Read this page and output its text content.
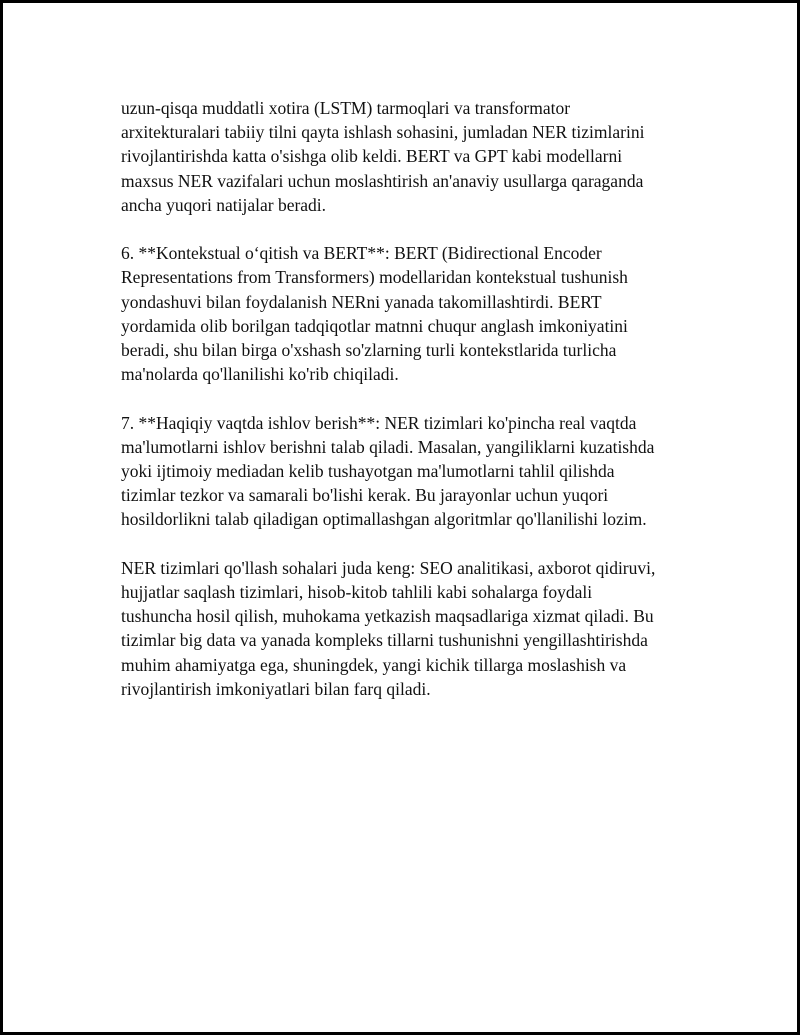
uzun-qisqa muddatli xotira (LSTM) tarmoqlari va transformator
arxitekturalari tabiiy tilni qayta ishlash sohasini, jumladan NER tizimlarini
rivojlantirishda katta o'sishga olib keldi. BERT va GPT kabi modellarni
maxsus NER vazifalari uchun moslashtirish an'anaviy usullarga qaraganda
ancha yuqori natijalar beradi.

6. **Kontekstual o‘qitish va BERT**: BERT (Bidirectional Encoder
Representations from Transformers) modellaridan kontekstual tushunish
yondashuvi bilan foydalanish NERni yanada takomillashtirdi. BERT
yordamida olib borilgan tadqiqotlar matnni chuqur anglash imkoniyatini
beradi, shu bilan birga o'xshash so'zlarning turli kontekstlarida turlicha
ma'nolarda qo'llanilishi ko'rib chiqiladi.

7. **Haqiqiy vaqtda ishlov berish**: NER tizimlari ko'pincha real vaqtda
ma'lumotlarni ishlov berishni talab qiladi. Masalan, yangiliklarni kuzatishda
yoki ijtimoiy mediadan kelib tushayotgan ma'lumotlarni tahlil qilishda
tizimlar tezkor va samarali bo'lishi kerak. Bu jarayonlar uchun yuqori
hosildorlikni talab qiladigan optimallashgan algoritmlar qo'llanilishi lozim.

NER tizimlari qo'llash sohalari juda keng: SEO analitikasi, axborot qidiruvi,
hujjatlar saqlash tizimlari, hisob-kitob tahlili kabi sohalarga foydali
tushuncha hosil qilish, muhokama yetkazish maqsadlariga xizmat qiladi. Bu
tizimlar big data va yanada kompleks tillarni tushunishni yengillashtirishda
muhim ahamiyatga ega, shuningdek, yangi kichik tillarga moslashish va
rivojlantirish imkoniyatlari bilan farq qiladi.
